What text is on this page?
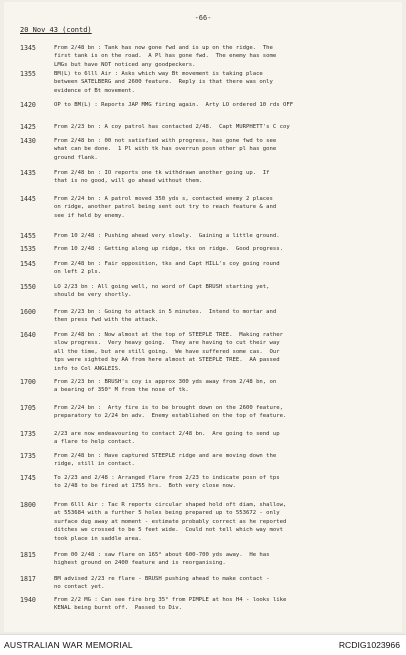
-66-
20 Nov 43 (contd)
1345	From 2/48 bn : Tank has now gone fwd and is up on the ridge.  The
first tank is on the road.  A Pl has gone fwd.  The enemy has some
LMGs but have NOT noticed any goodpeckers.
1355	BM(L) to 6lll Air : Asks which way Bt movement is taking place
between SATELBERG and 2600 feature.  Reply is that there was only
evidence of Bt movement.
1420	OP to BM(L) : Reports JAP MMG firing again.  Arty LO ordered 10 rds OFF
1425	From 2/23 bn : A coy patrol has contacted 2/48.  Capt MURPHETT's C coy
1430	From 2/48 bn : 00 not satisfied with progress, has gone fwd to see
what can be done.  1 Pl with tk has overrun posn other pl has gone
ground flank.
1435	From 2/48 bn : IO reports one tk withdrawn another going up.  If
that is no good, will go ahead without them.
1445	From 2/24 bn : A patrol moved 350 yds s, contacted enemy 2 places
on ridge, another patrol being sent out try to reach feature & and
see if held by enemy.
1455	From 10 2/48 : Pushing ahead very slowly.  Gaining a little ground.
1535	From 10 2/48 : Getting along up ridge, tks on ridge.  Good progress.
1545	From 2/48 bn : Fair opposition, tks and Capt HILL's coy going round
on left 2 pls.
1550	LO 2/23 bn : All going well, no word of Capt BRUSH starting yet,
should be very shortly.
1600	From 2/23 bn : Going to attack in 5 minutes.  Intend to mortar and
then press fwd with the attack.
1640	From 2/48 bn : Now almost at the top of STEEPLE TREE.  Making rather
slow progress.  Very heavy going.  They are having to cut their way
all the time, but are still going.  We have suffered some cas.  Our
tps were sighted by AA from here almost at STEEPLE TREE.  AA passed
info to Col ANGLEIS.
1700	From 2/23 bn : BRUSH's coy is approx 300 yds away from 2/48 bn, on
a bearing of 350° M from the nose of tk.
1705	From 2/24 bn :  Arty fire is to be brought down on the 2600 feature,
preparatory to 2/24 bn adv.  Enemy established on the top of feature.
1735	2/23 are now endeavouring to contact 2/48 bn.  Are going to send up
a flare to help contact.
1735	From 2/48 bn : Have captured STEEPLE ridge and are moving down the
ridge, still in contact.
1745	To 2/23 and 2/48 : Arranged flare from 2/23 to indicate posn of tps
to 2/48 to be fired at 1755 hrs.  Both very close now.
1800	From 6lll Air : Tac R reports circular shaped hold oft diam, shallow,
at 553684 with a further 5 holes being prepared up to 553672 - only
surface dug away at moment - estimate probably correct as he reported
ditches we crossed to be 5 feet wide.  Could not tell which way movt
took place in saddle area.
1815	From 00 2/48 : saw flare on 165° about 600-700 yds away.  He has
highest ground on 2400 feature and is reorganising.
1817	BM advised 2/23 re flare - BRUSH pushing ahead to make contact -
no contact yet.
1940	From 2/2 MG : Can see fire brg 35° from PIMPLE at hos H4 - looks like
KENAL being burnt off.  Passed to Div.
AUSTRALIAN WAR MEMORIAL	RCDIG1023966
